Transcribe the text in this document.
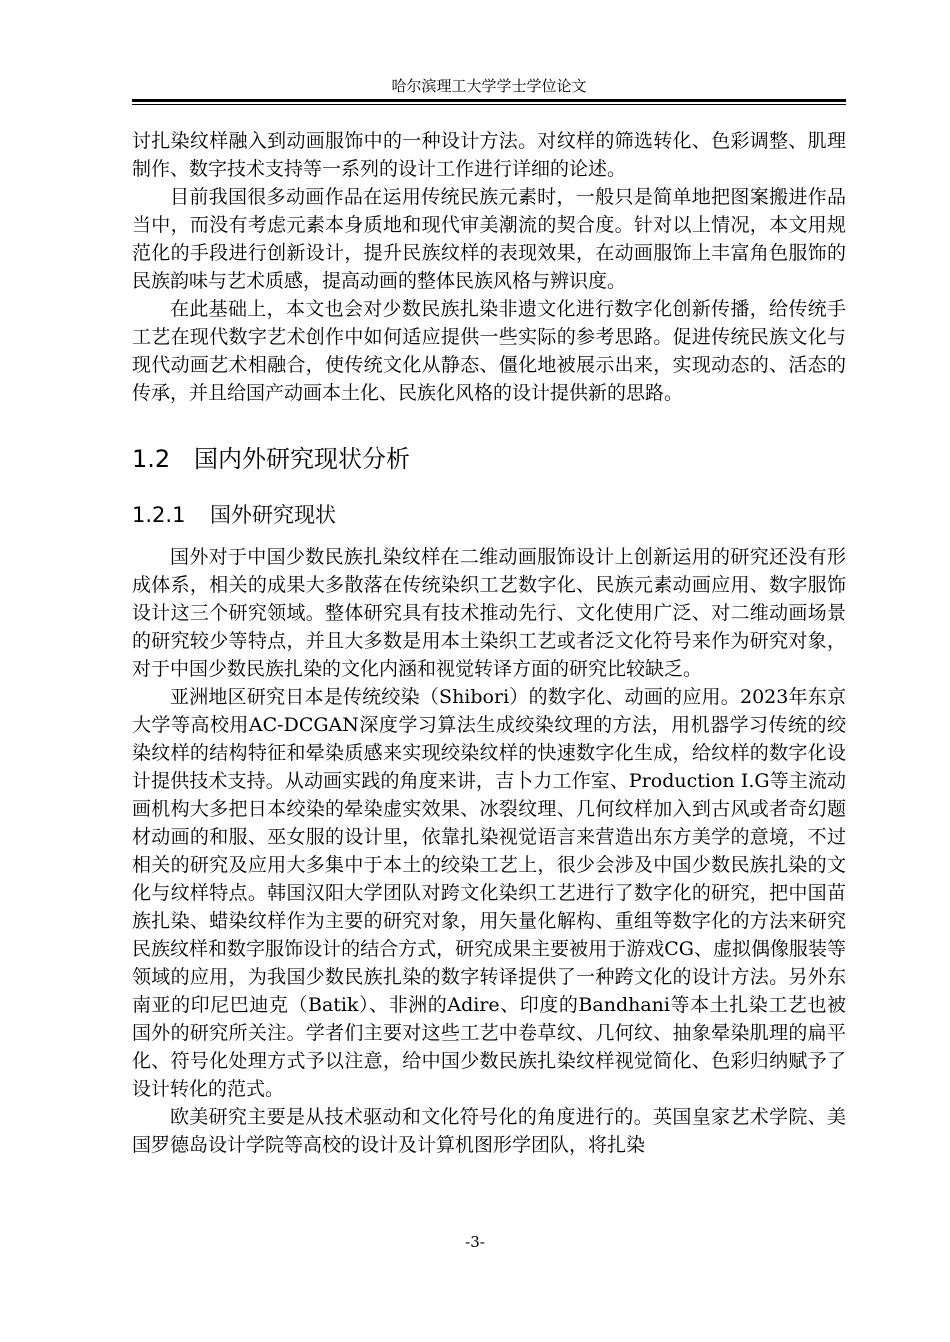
哈尔滨理工大学学士学位论文

讨扎染纹样融入到动画服饰中的一种设计方法。对纹样的筛选转化、色彩调整、肌理制作、数字技术支持等一系列的设计工作进行详细的论述。

目前我国很多动画作品在运用传统民族元素时，一般只是简单地把图案搬进作品当中，而没有考虑元素本身质地和现代审美潮流的契合度。针对以上情况，本文用规范化的手段进行创新设计，提升民族纹样的表现效果，在动画服饰上丰富角色服饰的民族韵味与艺术质感，提高动画的整体民族风格与辨识度。

在此基础上，本文也会对少数民族扎染非遗文化进行数字化创新传播，给传统手工艺在现代数字艺术创作中如何适应提供一些实际的参考思路。促进传统民族文化与现代动画艺术相融合，使传统文化从静态、僵化地被展示出来，实现动态的、活态的传承，并且给国产动画本土化、民族化风格的设计提供新的思路。

1.2 国内外研究现状分析
1.2.1 国外研究现状

国外对于中国少数民族扎染纹样在二维动画服饰设计上创新运用的研究还没有形成体系，相关的成果大多散落在传统染织工艺数字化、民族元素动画应用、数字服饰设计这三个研究领域。整体研究具有技术推动先行、文化使用广泛、对二维动画场景的研究较少等特点，并且大多数是用本土染织工艺或者泛文化符号来作为研究对象，对于中国少数民族扎染的文化内涵和视觉转译方面的研究比较缺乏。

亚洲地区研究日本是传统绞染（Shibori）的数字化、动画的应用。2023年东京大学等高校用AC-DCGAN深度学习算法生成绞染纹理的方法，用机器学习传统的绞染纹样的结构特征和晕染质感来实现绞染纹样的快速数字化生成，给纹样的数字化设计提供技术支持。从动画实践的角度来讲，吉卜力工作室、Production I.G等主流动画机构大多把日本绞染的晕染虚实效果、冰裂纹理、几何纹样加入到古风或者奇幻题材动画的和服、巫女服的设计里，依靠扎染视觉语言来营造出东方美学的意境，不过相关的研究及应用大多集中于本土的绞染工艺上，很少会涉及中国少数民族扎染的文化与纹样特点。韩国汉阳大学团队对跨文化染织工艺进行了数字化的研究，把中国苗族扎染、蜡染纹样作为主要的研究对象，用矢量化解构、重组等数字化的方法来研究民族纹样和数字服饰设计的结合方式，研究成果主要被用于游戏CG、虚拟偶像服装等领域的应用，为我国少数民族扎染的数字转译提供了一种跨文化的设计方法。另外东南亚的印尼巴迪克（Batik）、非洲的Adire、印度的Bandhani等本土扎染工艺也被国外的研究所关注。学者们主要对这些工艺中卷草纹、几何纹、抽象晕染肌理的扁平化、符号化处理方式予以注意，给中国少数民族扎染纹样视觉简化、色彩归纳赋予了设计转化的范式。

欧美研究主要是从技术驱动和文化符号化的角度进行的。英国皇家艺术学院、美国罗德岛设计学院等高校的设计及计算机图形学团队，将扎染

-3-
